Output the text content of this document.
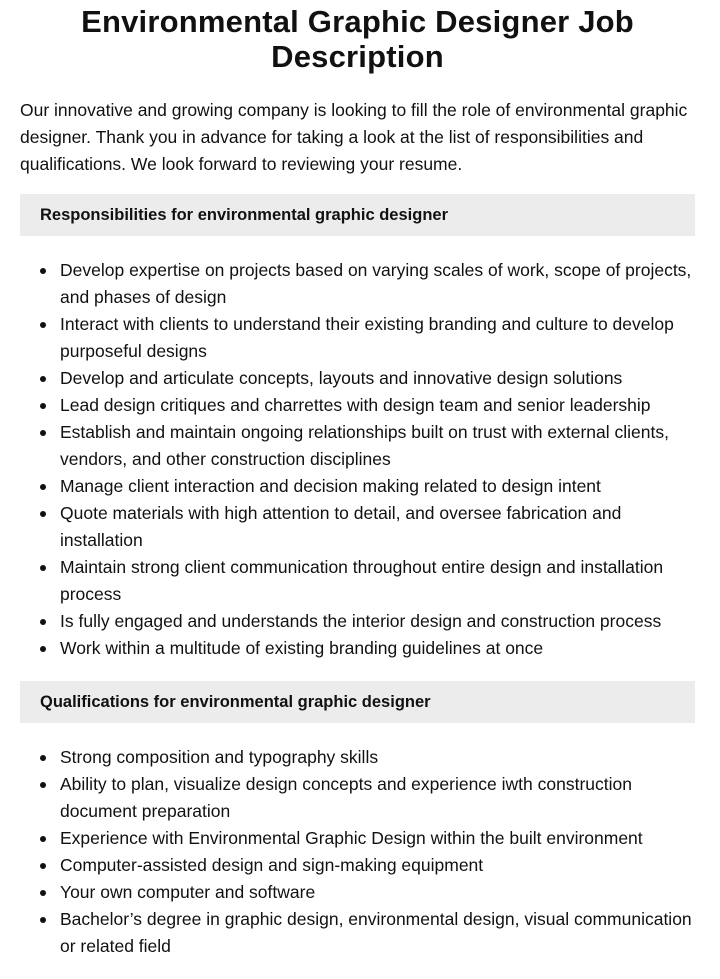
Environmental Graphic Designer Job Description

Our innovative and growing company is looking to fill the role of environmental graphic designer. Thank you in advance for taking a look at the list of responsibilities and qualifications. We look forward to reviewing your resume.

Responsibilities for environmental graphic designer
Develop expertise on projects based on varying scales of work, scope of projects, and phases of design
Interact with clients to understand their existing branding and culture to develop purposeful designs
Develop and articulate concepts, layouts and innovative design solutions
Lead design critiques and charrettes with design team and senior leadership
Establish and maintain ongoing relationships built on trust with external clients, vendors, and other construction disciplines
Manage client interaction and decision making related to design intent
Quote materials with high attention to detail, and oversee fabrication and installation
Maintain strong client communication throughout entire design and installation process
Is fully engaged and understands the interior design and construction process
Work within a multitude of existing branding guidelines at once
Qualifications for environmental graphic designer
Strong composition and typography skills
Ability to plan, visualize design concepts and experience iwth construction document preparation
Experience with Environmental Graphic Design within the built environment
Computer-assisted design and sign-making equipment
Your own computer and software
Bachelor’s degree in graphic design, environmental design, visual communication or related field
